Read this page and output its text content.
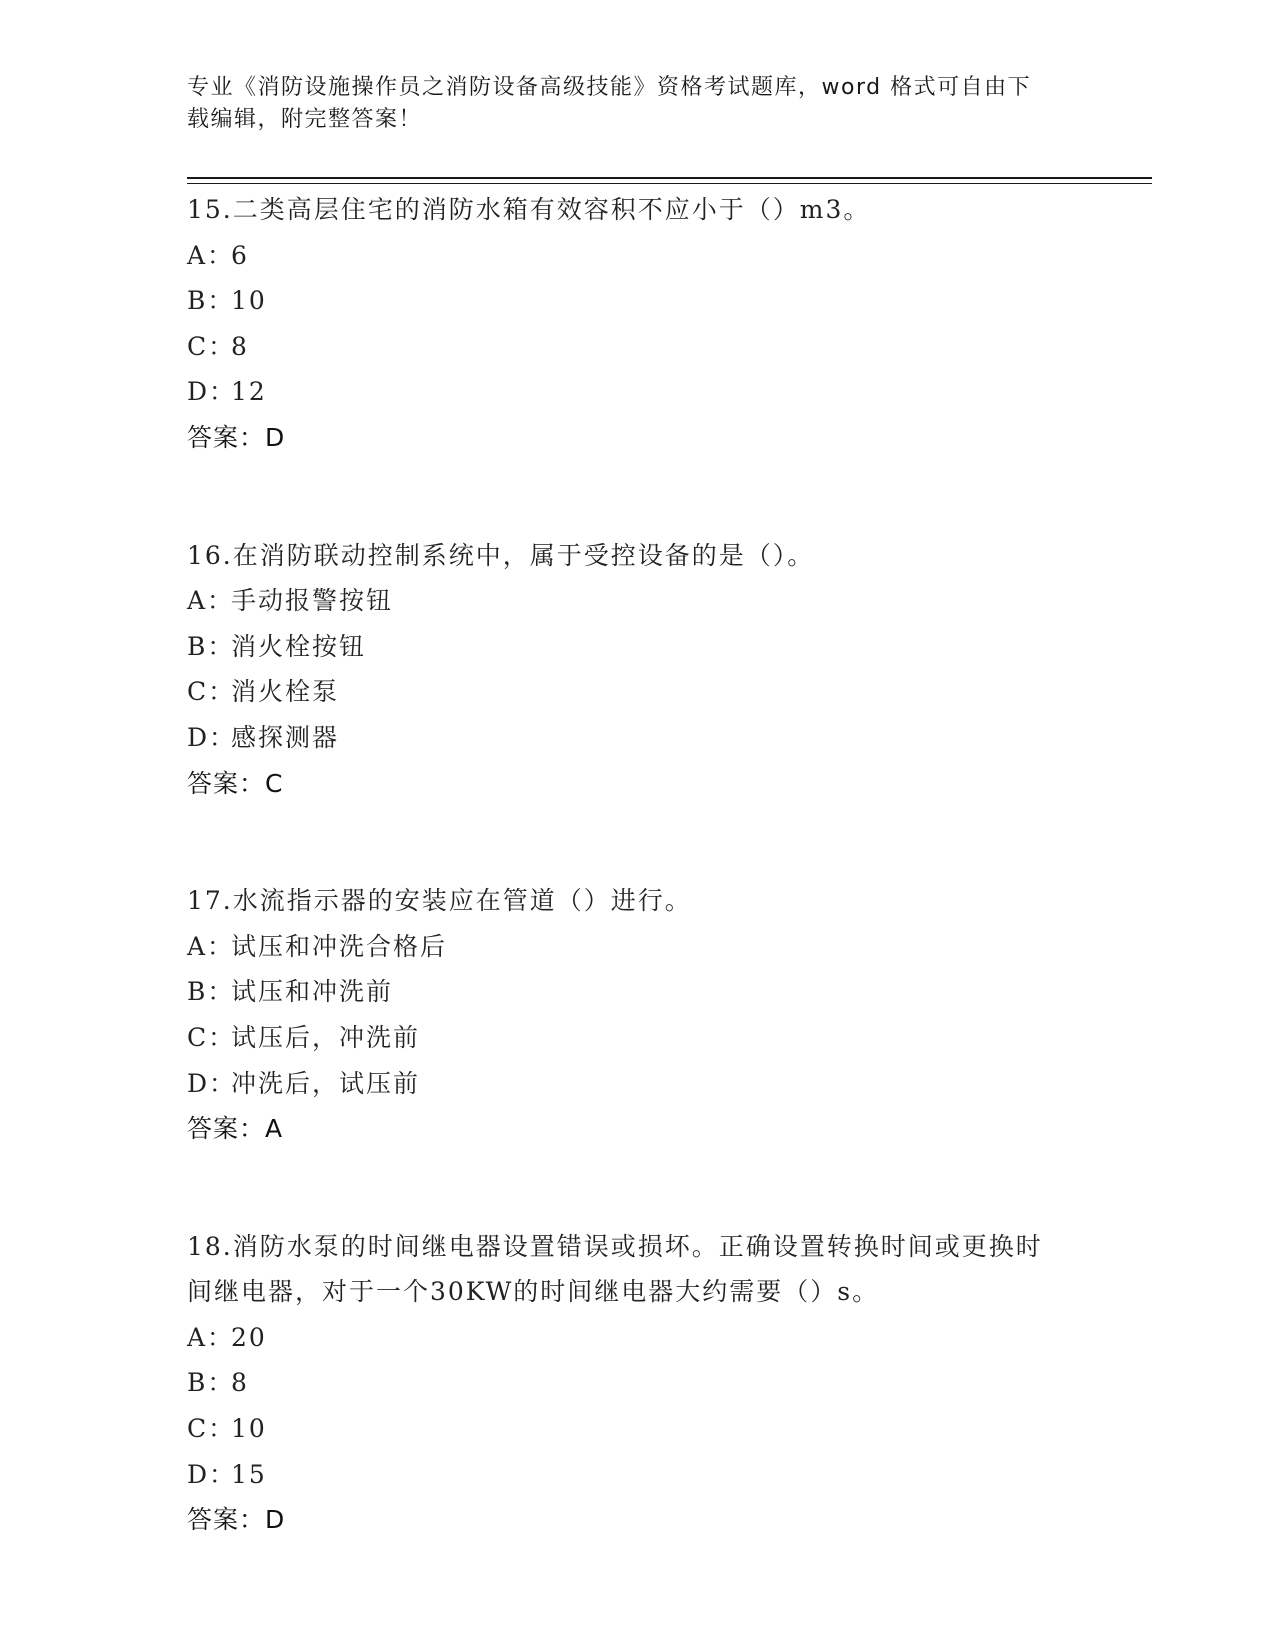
专业《消防设施操作员之消防设备高级技能》资格考试题库，word 格式可自由下
载编辑，附完整答案！
15.二类高层住宅的消防水箱有效容积不应小于（）m3。
A：6
B：10
C：8
D：12
答案：D
16.在消防联动控制系统中，属于受控设备的是（）。
A：手动报警按钮
B：消火栓按钮
C：消火栓泵
D：感探测器
答案：C
17.水流指示器的安装应在管道（）进行。
A：试压和冲洗合格后
B：试压和冲洗前
C：试压后，冲洗前
D：冲洗后，试压前
答案：A
18.消防水泵的时间继电器设置错误或损坏。正确设置转换时间或更换时间继电器，对于一个30KW的时间继电器大约需要（）s。
A：20
B：8
C：10
D：15
答案：D
